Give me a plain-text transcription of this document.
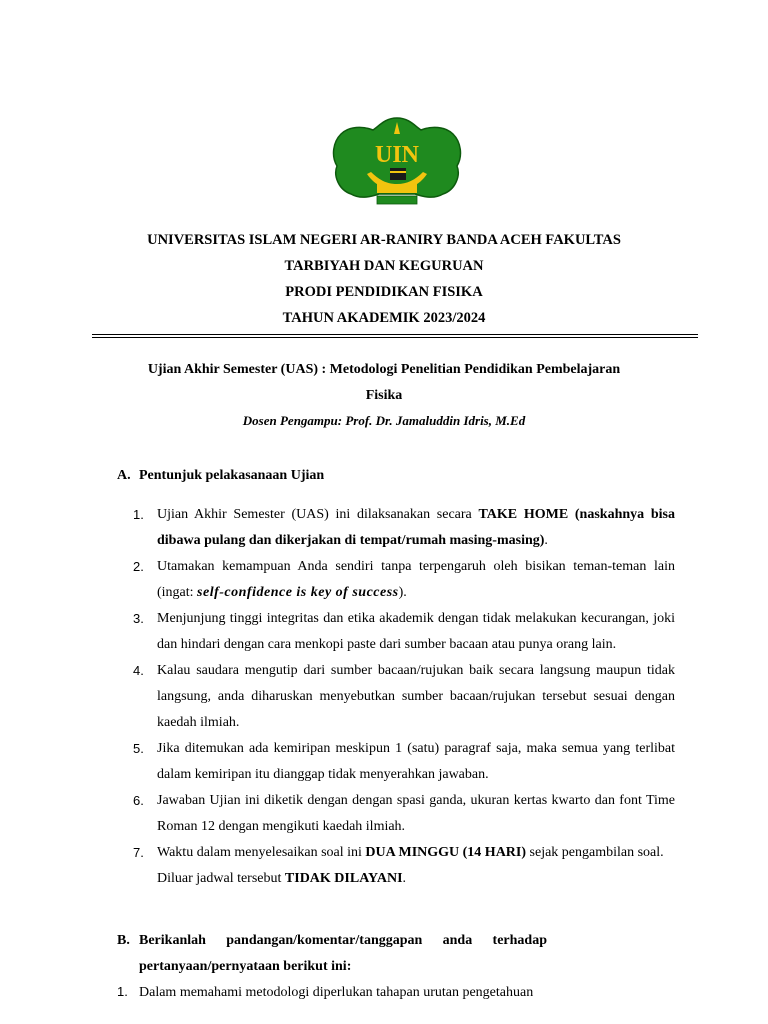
UIN
UNIVERSITAS ISLAM NEGERI AR-RANIRY BANDA ACEH FAKULTAS
TARBIYAH DAN KEGURUAN
PRODI PENDIDIKAN FISIKA
TAHUN AKADEMIK 2023/2024
Ujian Akhir Semester (UAS) : Metodologi Penelitian Pendidikan Pembelajaran
Fisika
Dosen Pengampu: Prof. Dr. Jamaluddin Idris, M.Ed
A. Pentunjuk pelakasanaan Ujian
1. Ujian Akhir Semester (UAS) ini dilaksanakan secara TAKE HOME (naskahnya bisa dibawa pulang dan dikerjakan di tempat/rumah masing-masing).
2. Utamakan kemampuan Anda sendiri tanpa terpengaruh oleh bisikan teman-teman lain (ingat: self-confidence is key of success).
3. Menjunjung tinggi integritas dan etika akademik dengan tidak melakukan kecurangan, joki dan hindari dengan cara menkopi paste dari sumber bacaan atau punya orang lain.
4. Kalau saudara mengutip dari sumber bacaan/rujukan baik secara langsung maupun tidak langsung, anda diharuskan menyebutkan sumber bacaan/rujukan tersebut sesuai dengan kaedah ilmiah.
5. Jika ditemukan ada kemiripan meskipun 1 (satu) paragraf saja, maka semua yang terlibat dalam kemiripan itu dianggap tidak menyerahkan jawaban.
6. Jawaban Ujian ini diketik dengan dengan spasi ganda, ukuran kertas kwarto dan font Time Roman 12 dengan mengikuti kaedah ilmiah.
7. Waktu dalam menyelesaikan soal ini DUA MINGGU (14 HARI) sejak pengambilan soal. Diluar jadwal tersebut TIDAK DILAYANI.
B. Berikanlah pandangan/komentar/tanggapan anda terhadap pertanyaan/pernyataan berikut ini:
1. Dalam memahami metodologi diperlukan tahapan urutan pengetahuan
